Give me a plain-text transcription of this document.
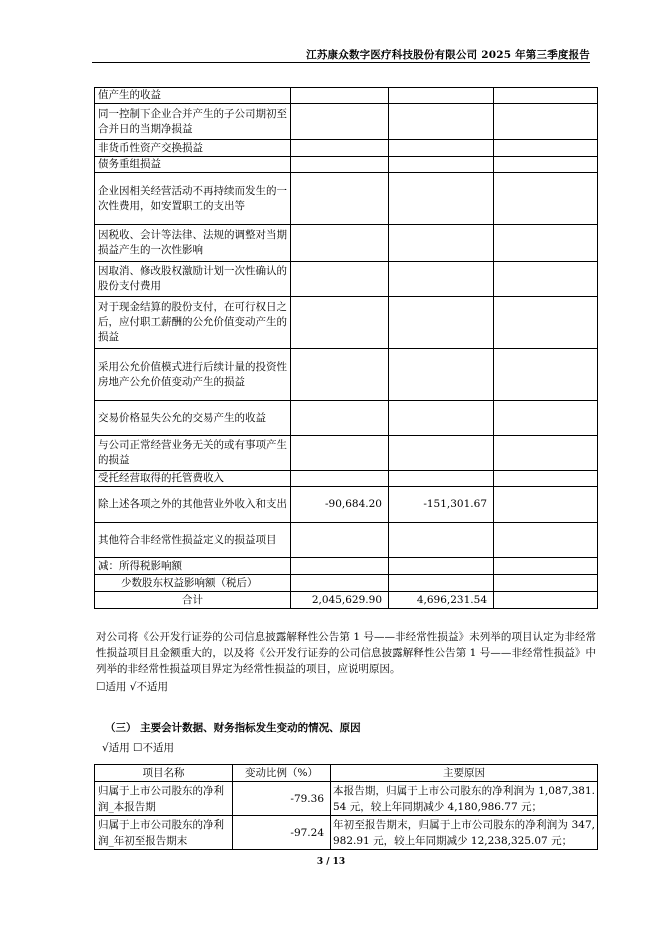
江苏康众数字医疗科技股份有限公司 2025 年第三季度报告
值产生的收益			
同一控制下企业合并产生的子公司期初至合并日的当期净损益			
非货币性资产交换损益			
债务重组损益			
企业因相关经营活动不再持续而发生的一次性费用，如安置职工的支出等			
因税收、会计等法律、法规的调整对当期损益产生的一次性影响			
因取消、修改股权激励计划一次性确认的股份支付费用			
对于现金结算的股份支付，在可行权日之后，应付职工薪酬的公允价值变动产生的损益			
采用公允价值模式进行后续计量的投资性房地产公允价值变动产生的损益			
交易价格显失公允的交易产生的收益			
与公司正常经营业务无关的或有事项产生的损益			
受托经营取得的托管费收入			
除上述各项之外的其他营业外收入和支出	-90,684.20	-151,301.67	
其他符合非经常性损益定义的损益项目			
减：所得税影响额			
少数股东权益影响额（税后）			
合计	2,045,629.90	4,696,231.54	
对公司将《公开发行证券的公司信息披露解释性公告第 1 号——非经常性损益》未列举的项目认定为非经常性损益项目且金额重大的，以及将《公开发行证券的公司信息披露解释性公告第 1 号——非经常性损益》中列举的非经常性损益项目界定为经常性损益的项目，应说明原因。
☐适用 √不适用
（三） 主要会计数据、财务指标发生变动的情况、原因
√适用 ☐不适用
项目名称	变动比例（%）	主要原因
归属于上市公司股东的净利润_本报告期	-79.36	本报告期，归属于上市公司股东的净利润为 1,087,381.54 元，较上年同期减少 4,180,986.77 元；
归属于上市公司股东的净利润_年初至报告期末	-97.24	年初至报告期末，归属于上市公司股东的净利润为 347,982.91 元，较上年同期减少 12,238,325.07 元；
3 / 13
